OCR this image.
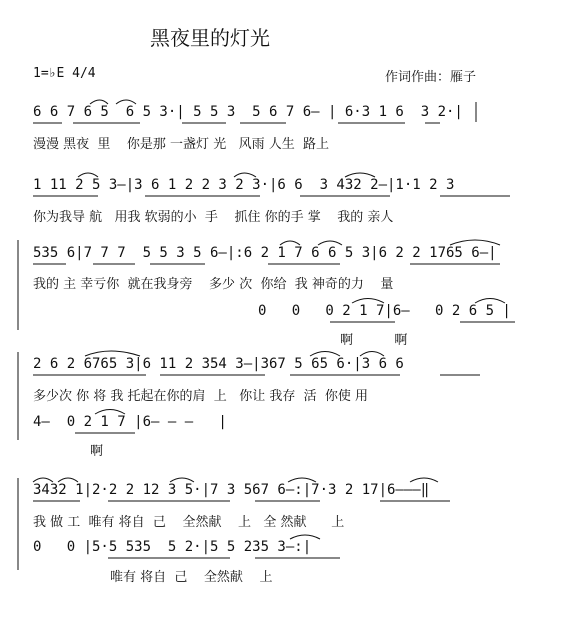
黑夜里的灯光
1=♭E 4/4	作词作曲：雁子
6 6 7 6 5  6 5 3·| 5 5 3  5 6 7 6– | 6·3 1 6  3 2·|
漫漫 黑夜  里    你是那 一盏灯 光   风雨 人生  路上
1 11 2 5 3–|3 6 1 2 2 3 2 3·|6 6  3 432 2–|1·1 2 3
你为我导 航   用我 软弱的小  手    抓住 你的手 掌    我的 亲人
535 6|7 7 7  5 5 3 5 6–|:6 2 1 7 6 6 5 3|6 2 2 1765 6–|
我的 主 幸亏你  就在我身旁    多少 次  你给  我 神奇的力    量
0   0   0 2 1 7|6–   0 2 6 5 |
啊          啊
2 6 2 6765 3|6 11 2 354 3–|367 5 65 6·|3 6 6
多少次 你 将 我 托起在你的肩  上   你让 我存  活  你使 用
4–  0 2 1 7 |6– – –   |
啊
3432 1|2·2 2 12 3 5·|7 3 567 6–:|7·3 2 17|6–––‖
我 做 工  唯有 将自  己    全然献    上   全 然献      上
0   0 |5·5 535  5 2·|5 5 235 3–:|
唯有 将自  己    全然献    上
